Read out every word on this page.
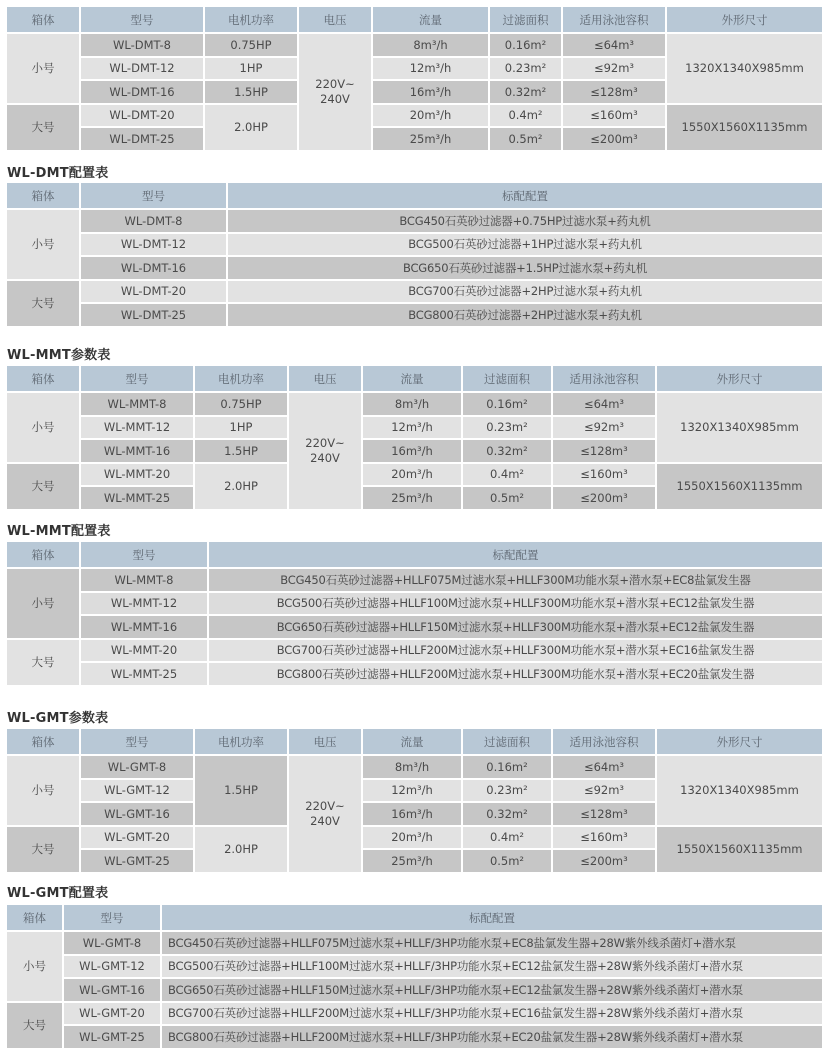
箱体	型号	电机功率	电压	流量	过滤面积	适用泳池容积	外形尺寸
小号	WL-DMT-8	0.75HP	220V~ 240V	8m³/h	0.16m²	≤64m³	1320X1340X985mm
	WL-DMT-12	1HP		12m³/h	0.23m²	≤92m³	
	WL-DMT-16	1.5HP		16m³/h	0.32m²	≤128m³	
大号	WL-DMT-20	2.0HP		20m³/h	0.4m²	≤160m³	1550X1560X1135mm
	WL-DMT-25			25m³/h	0.5m²	≤200m³	
WL-DMT配置表
箱体	型号	标配配置
小号	WL-DMT-8	BCG450石英砂过滤器+0.75HP过滤水泵+药丸机
	WL-DMT-12	BCG500石英砂过滤器+1HP过滤水泵+药丸机
	WL-DMT-16	BCG650石英砂过滤器+1.5HP过滤水泵+药丸机
大号	WL-DMT-20	BCG700石英砂过滤器+2HP过滤水泵+药丸机
	WL-DMT-25	BCG800石英砂过滤器+2HP过滤水泵+药丸机
WL-MMT参数表
箱体	型号	电机功率	电压	流量	过滤面积	适用泳池容积	外形尺寸
小号	WL-MMT-8	0.75HP	220V~ 240V	8m³/h	0.16m²	≤64m³	1320X1340X985mm
	WL-MMT-12	1HP		12m³/h	0.23m²	≤92m³	
	WL-MMT-16	1.5HP		16m³/h	0.32m²	≤128m³	
大号	WL-MMT-20	2.0HP		20m³/h	0.4m²	≤160m³	1550X1560X1135mm
	WL-MMT-25			25m³/h	0.5m²	≤200m³	
WL-MMT配置表
箱体	型号	标配配置
小号	WL-MMT-8	BCG450石英砂过滤器+HLLF075M过滤水泵+HLLF300M功能水泵+潜水泵+EC8盐氯发生器
	WL-MMT-12	BCG500石英砂过滤器+HLLF100M过滤水泵+HLLF300M功能水泵+潜水泵+EC12盐氯发生器
	WL-MMT-16	BCG650石英砂过滤器+HLLF150M过滤水泵+HLLF300M功能水泵+潜水泵+EC12盐氯发生器
大号	WL-MMT-20	BCG700石英砂过滤器+HLLF200M过滤水泵+HLLF300M功能水泵+潜水泵+EC16盐氯发生器
	WL-MMT-25	BCG800石英砂过滤器+HLLF200M过滤水泵+HLLF300M功能水泵+潜水泵+EC20盐氯发生器
WL-GMT参数表
箱体	型号	电机功率	电压	流量	过滤面积	适用泳池容积	外形尺寸
小号	WL-GMT-8	1.5HP	220V~ 240V	8m³/h	0.16m²	≤64m³	1320X1340X985mm
	WL-GMT-12			12m³/h	0.23m²	≤92m³	
	WL-GMT-16			16m³/h	0.32m²	≤128m³	
大号	WL-GMT-20	2.0HP		20m³/h	0.4m²	≤160m³	1550X1560X1135mm
	WL-GMT-25			25m³/h	0.5m²	≤200m³	
WL-GMT配置表
箱体	型号	标配配置
小号	WL-GMT-8	BCG450石英砂过滤器+HLLF075M过滤水泵+HLLF/3HP功能水泵+EC8盐氯发生器+28W紫外线杀菌灯+潜水泵
	WL-GMT-12	BCG500石英砂过滤器+HLLF100M过滤水泵+HLLF/3HP功能水泵+EC12盐氯发生器+28W紫外线杀菌灯+潜水泵
	WL-GMT-16	BCG650石英砂过滤器+HLLF150M过滤水泵+HLLF/3HP功能水泵+EC12盐氯发生器+28W紫外线杀菌灯+潜水泵
大号	WL-GMT-20	BCG700石英砂过滤器+HLLF200M过滤水泵+HLLF/3HP功能水泵+EC16盐氯发生器+28W紫外线杀菌灯+潜水泵
	WL-GMT-25	BCG800石英砂过滤器+HLLF200M过滤水泵+HLLF/3HP功能水泵+EC20盐氯发生器+28W紫外线杀菌灯+潜水泵
